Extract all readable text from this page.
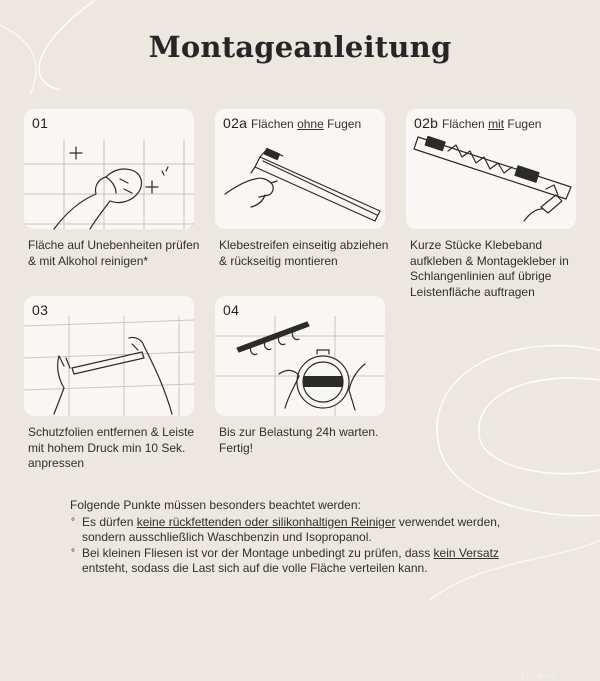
Montageanleitung
01
Fläche auf Unebenheiten prüfen & mit Alkohol reinigen*
02a Flächen ohne Fugen
Klebestreifen einseitig abziehen & rückseitig montieren
02b Flächen mit Fugen
Kurze Stücke Klebeband aufkleben & Montagekleber in Schlangenlinien auf übrige Leistenfläche auftragen
03
Schutzfolien entfernen & Leiste mit hohem Druck min 10 Sek. anpressen
24:00:00
04
Bis zur Belastung 24h warten. Fertig!
Folgende Punkte müssen besonders beachtet werden:
° Es dürfen keine rückfettenden oder silikonhaltigen Reiniger verwendet werden, sondern ausschließlich Waschbenzin und Isopropanol.
° Bei kleinen Fliesen ist vor der Montage unbedingt zu prüfen, dass kein Versatz entsteht, sodass die Last sich auf die volle Fläche verteilen kann.
